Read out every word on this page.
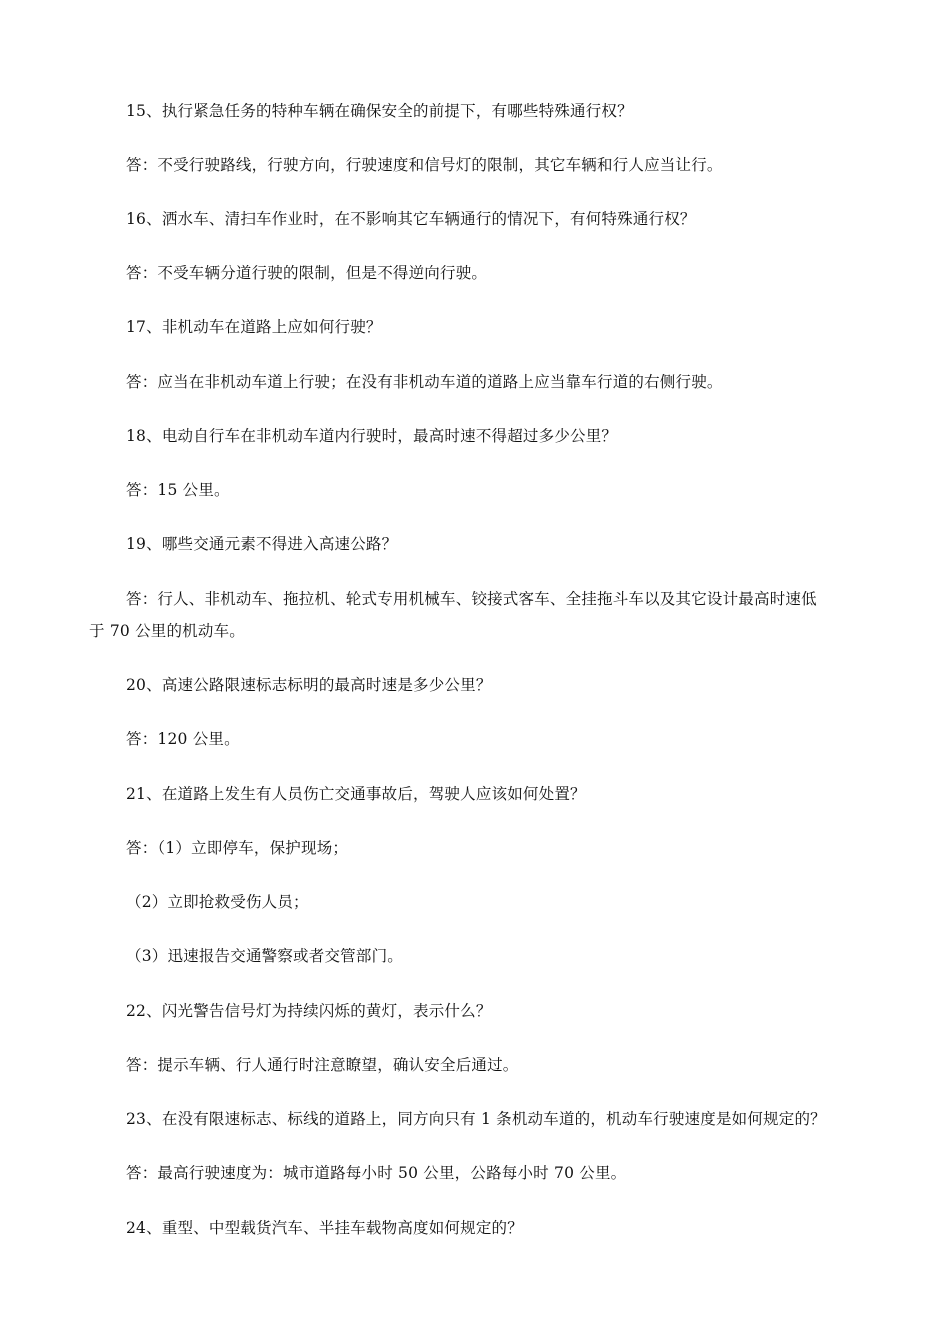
15、执行紧急任务的特种车辆在确保安全的前提下，有哪些特殊通行权？
答：不受行驶路线，行驶方向，行驶速度和信号灯的限制，其它车辆和行人应当让行。
16、洒水车、清扫车作业时，在不影响其它车辆通行的情况下，有何特殊通行权？
答：不受车辆分道行驶的限制，但是不得逆向行驶。
17、非机动车在道路上应如何行驶？
答：应当在非机动车道上行驶；在没有非机动车道的道路上应当靠车行道的右侧行驶。
18、电动自行车在非机动车道内行驶时，最高时速不得超过多少公里？
答：15 公里。
19、哪些交通元素不得进入高速公路？
答：行人、非机动车、拖拉机、轮式专用机械车、铰接式客车、全挂拖斗车以及其它设计最高时速低
于 70 公里的机动车。
20、高速公路限速标志标明的最高时速是多少公里？
答：120 公里。
21、在道路上发生有人员伤亡交通事故后，驾驶人应该如何处置？
答：（1）立即停车，保护现场；
（2）立即抢救受伤人员；
（3）迅速报告交通警察或者交管部门。
22、闪光警告信号灯为持续闪烁的黄灯，表示什么？
答：提示车辆、行人通行时注意瞭望，确认安全后通过。
23、在没有限速标志、标线的道路上，同方向只有 1 条机动车道的，机动车行驶速度是如何规定的？
答：最高行驶速度为：城市道路每小时 50 公里，公路每小时 70 公里。
24、重型、中型载货汽车、半挂车载物高度如何规定的？
